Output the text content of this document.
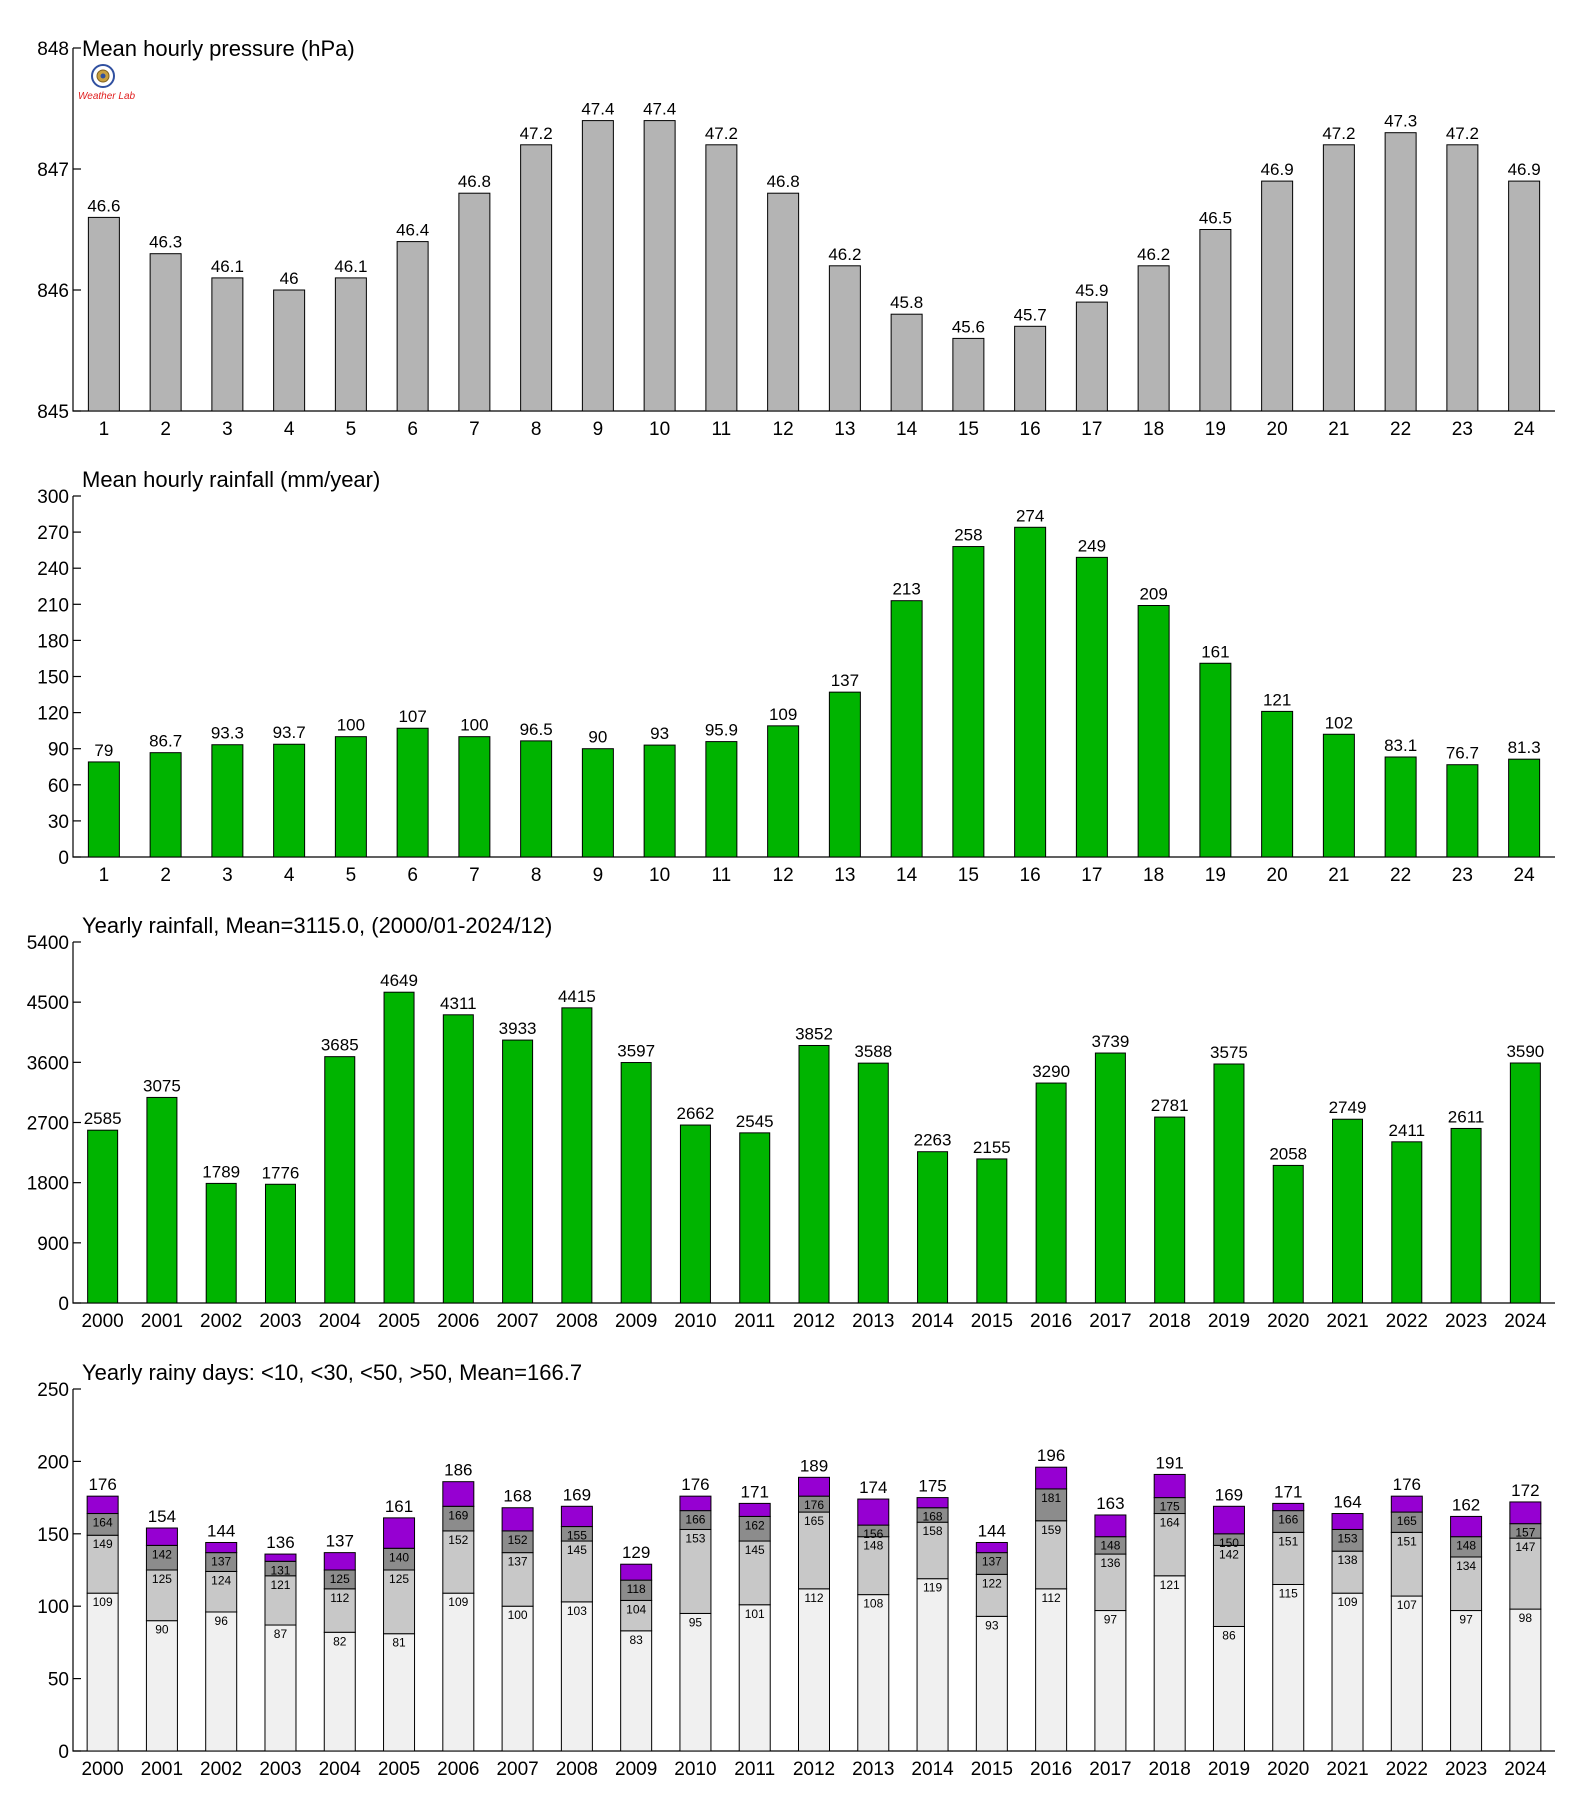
Mean hourly pressure (hPa)
845
846
847
848
1	2	3	4	5	6	7	8	9 10 11 12 13 14 15 16 17 18 19 20 21 22 23 24
46.6
46.3
46.1
46
46.1
46.4
46.8
47.2
47.4 47.4
47.2
46.8
46.2
45.8
45.6
45.7
45.9
46.2
46.5
46.9
47.2
47.3
47.2
46.9
Mean hourly rainfall (mm/year)
0
30
60
90
120
150
180
210
240
270
300
1	2	3	4	5	6	7	8	9 10 11 12 13 14 15 16 17 18 19 20 21 22 23 24
79 86.7 93.3 93.7 100 107 100 96.5 90	93 95.9
109
137
213
258
274
249
209
161
121
102
83.1 76.7 81.3
Yearly rainfall, Mean=3115.0, (2000/01-2024/12)
0
900
1800
2700
3600
4500
5400
2000 2001 2002 2003 2004 2005 2006 2007 2008 2009 2010 2011 2012 2013 2014 2015 2016 2017 2018 2019 2020 2021 2022 2023 2024
2585
3075
1789 1776
3685
4649
4311
3933
4415
3597
2662 2545
3852
3588
2263 2155
3290
3739
2781
3575
2058
2749
2411
2611
3590
Yearly rainy days: <10, <30, <50, >50, Mean=166.7
0
50
100
150
200
250
2000 2001 2002 2003 2004 2005 2006 2007 2008 2009 2010 2011 2012 2013 2014 2015 2016 2017 2018 2019 2020 2021 2022 2023 2024
109
149
164
176
90
125
142
154
96
124
137
144
87
121
131
136
82
112
125
137
81
125
140
161
109
152
169
186
100
137
152
168
103
145
155
169
83
104
118
129
95
153
166
176
101
145
162
171
112
165
176
189
108
148
156
174
119
158
168
175
93
122
137
144
112
159
181
196
97
136
148
163
121
164
175
191
86
142
150
169
115
151
166
171
109
138
153
164
107
151
165
176
97
134
148
162
98
147
157
172
Weather Lab
